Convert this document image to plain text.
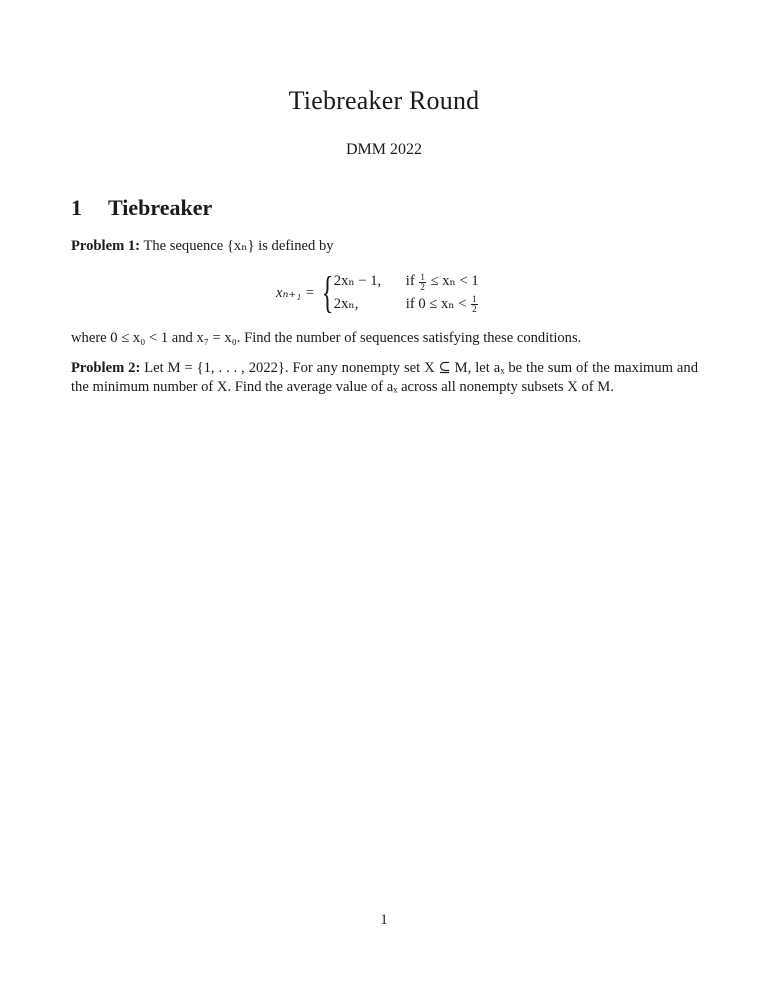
Tiebreaker Round
DMM 2022
1 Tiebreaker
Problem 1: The sequence {xₙ} is defined by
xₙ₊₁ = { 2xₙ − 1,	if $\frac{1}{2} \le x_n < 1$
2xₙ,	if $0 \le x_n < \frac{1}{2}$
where 0 ≤ x₀ < 1 and x₇ = x₀. Find the number of sequences satisfying these conditions.
Problem 2: Let M = {1, . . . , 2022}. For any nonempty set X ⊆ M, let aₓ be the sum of the maximum and the minimum number of X. Find the average value of aₓ across all nonempty subsets X of M.
1
